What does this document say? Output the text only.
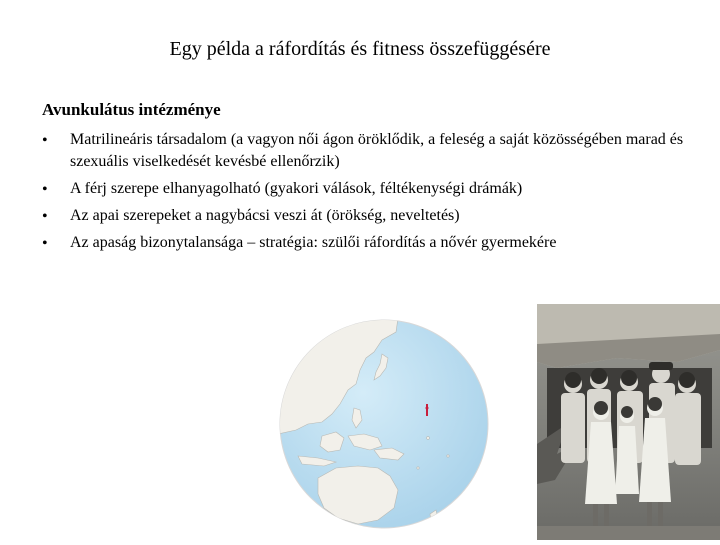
Egy példa a ráfordítás és fitness összefüggésére
Avunkulátus intézménye
• Matrilineáris társadalom (a vagyon női ágon öröklődik, a feleség a saját közösségében marad és szexuális viselkedését kevésbé ellenőrzik)
• A férj szerepe elhanyagolható (gyakori válások, féltékenységi drámák)
• Az apai szerepeket a nagybácsi veszi át (örökség, neveltetés)
• Az apaság bizonytalansága – stratégia: szülői ráfordítás a nővér gyermekére
